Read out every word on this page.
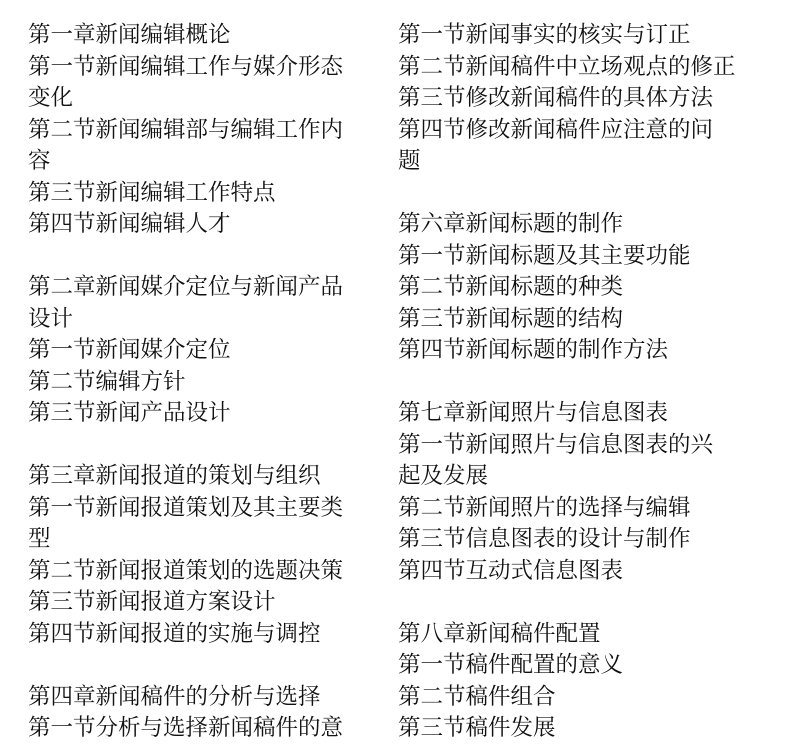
第一章新闻编辑概论
第一节新闻编辑工作与媒介形态
变化
第二节新闻编辑部与编辑工作内
容
第三节新闻编辑工作特点
第四节新闻编辑人才
第二章新闻媒介定位与新闻产品
设计
第一节新闻媒介定位
第二节编辑方针
第三节新闻产品设计
第三章新闻报道的策划与组织
第一节新闻报道策划及其主要类
型
第二节新闻报道策划的选题决策
第三节新闻报道方案设计
第四节新闻报道的实施与调控
第四章新闻稿件的分析与选择
第一节分析与选择新闻稿件的意
第一节新闻事实的核实与订正
第二节新闻稿件中立场观点的修正
第三节修改新闻稿件的具体方法
第四节修改新闻稿件应注意的问
题
第六章新闻标题的制作
第一节新闻标题及其主要功能
第二节新闻标题的种类
第三节新闻标题的结构
第四节新闻标题的制作方法
第七章新闻照片与信息图表
第一节新闻照片与信息图表的兴
起及发展
第二节新闻照片的选择与编辑
第三节信息图表的设计与制作
第四节互动式信息图表
第八章新闻稿件配置
第一节稿件配置的意义
第二节稿件组合
第三节稿件发展
